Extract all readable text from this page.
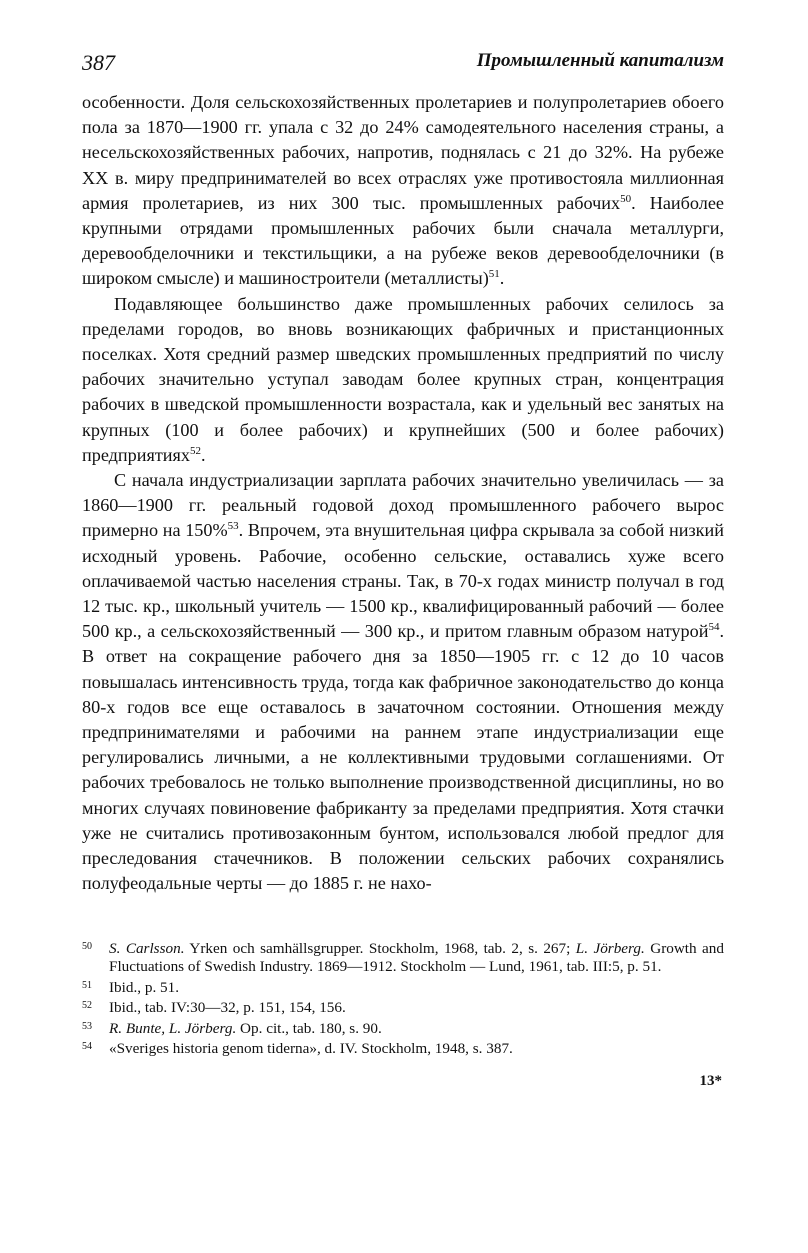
387	Промышленный капитализм

особенности. Доля сельскохозяйственных пролетариев и полупролетариев обоего пола за 1870—1900 гг. упала с 32 до 24% самодеятельного населения страны, а несельскохозяйственных рабочих, напротив, поднялась с 21 до 32%. На рубеже XX в. миру предпринимателей во всех отраслях уже противостояла миллионная армия пролетариев, из них 300 тыс. промышленных рабочих$^{50}$. Наиболее крупными отрядами промышленных рабочих были сначала металлурги, деревообделочники и текстильщики, а на рубеже веков деревообделочники (в широком смысле) и машиностроители (металлисты)$^{51}$.

Подавляющее большинство даже промышленных рабочих селилось за пределами городов, во вновь возникающих фабричных и пристанционных поселках. Хотя средний размер шведских промышленных предприятий по числу рабочих значительно уступал заводам более крупных стран, концентрация рабочих в шведской промышленности возрастала, как и удельный вес занятых на крупных (100 и более рабочих) и крупнейших (500 и более рабочих) предприятиях$^{52}$.

С начала индустриализации зарплата рабочих значительно увеличилась — за 1860—1900 гг. реальный годовой доход промышленного рабочего вырос примерно на 150%$^{53}$. Впрочем, эта внушительная цифра скрывала за собой низкий исходный уровень. Рабочие, особенно сельские, оставались хуже всего оплачиваемой частью населения страны. Так, в 70-х годах министр получал в год 12 тыс. кр., школьный учитель — 1500 кр., квалифицированный рабочий — более 500 кр., а сельскохозяйственный — 300 кр., и притом главным образом натурой$^{54}$. В ответ на сокращение рабочего дня за 1850—1905 гг. с 12 до 10 часов повышалась интенсивность труда, тогда как фабричное законодательство до конца 80-х годов все еще оставалось в зачаточном состоянии. Отношения между предпринимателями и рабочими на раннем этапе индустриализации еще регулировались личными, а не коллективными трудовыми соглашениями. От рабочих требовалось не только выполнение производственной дисциплины, но во многих случаях повиновение фабриканту за пределами предприятия. Хотя стачки уже не считались противозаконным бунтом, использовался любой предлог для преследования стачечников. В положении сельских рабочих сохранялись полуфеодальные черты — до 1885 г. не нахо-

50 S. Carlsson. Yrken och samhällsgrupper. Stockholm, 1968, tab. 2, s. 267; L. Jörberg. Growth and Fluctuations of Swedish Industry. 1869—1912. Stockholm — Lund, 1961, tab. III:5, p. 51.
51 Ibid., p. 51.
52 Ibid., tab. IV:30—32, p. 151, 154, 156.
53 R. Bunte, L. Jörberg. Op. cit., tab. 180, s. 90.
54 «Sveriges historia genom tiderna», d. IV. Stockholm, 1948, s. 387.
13*
